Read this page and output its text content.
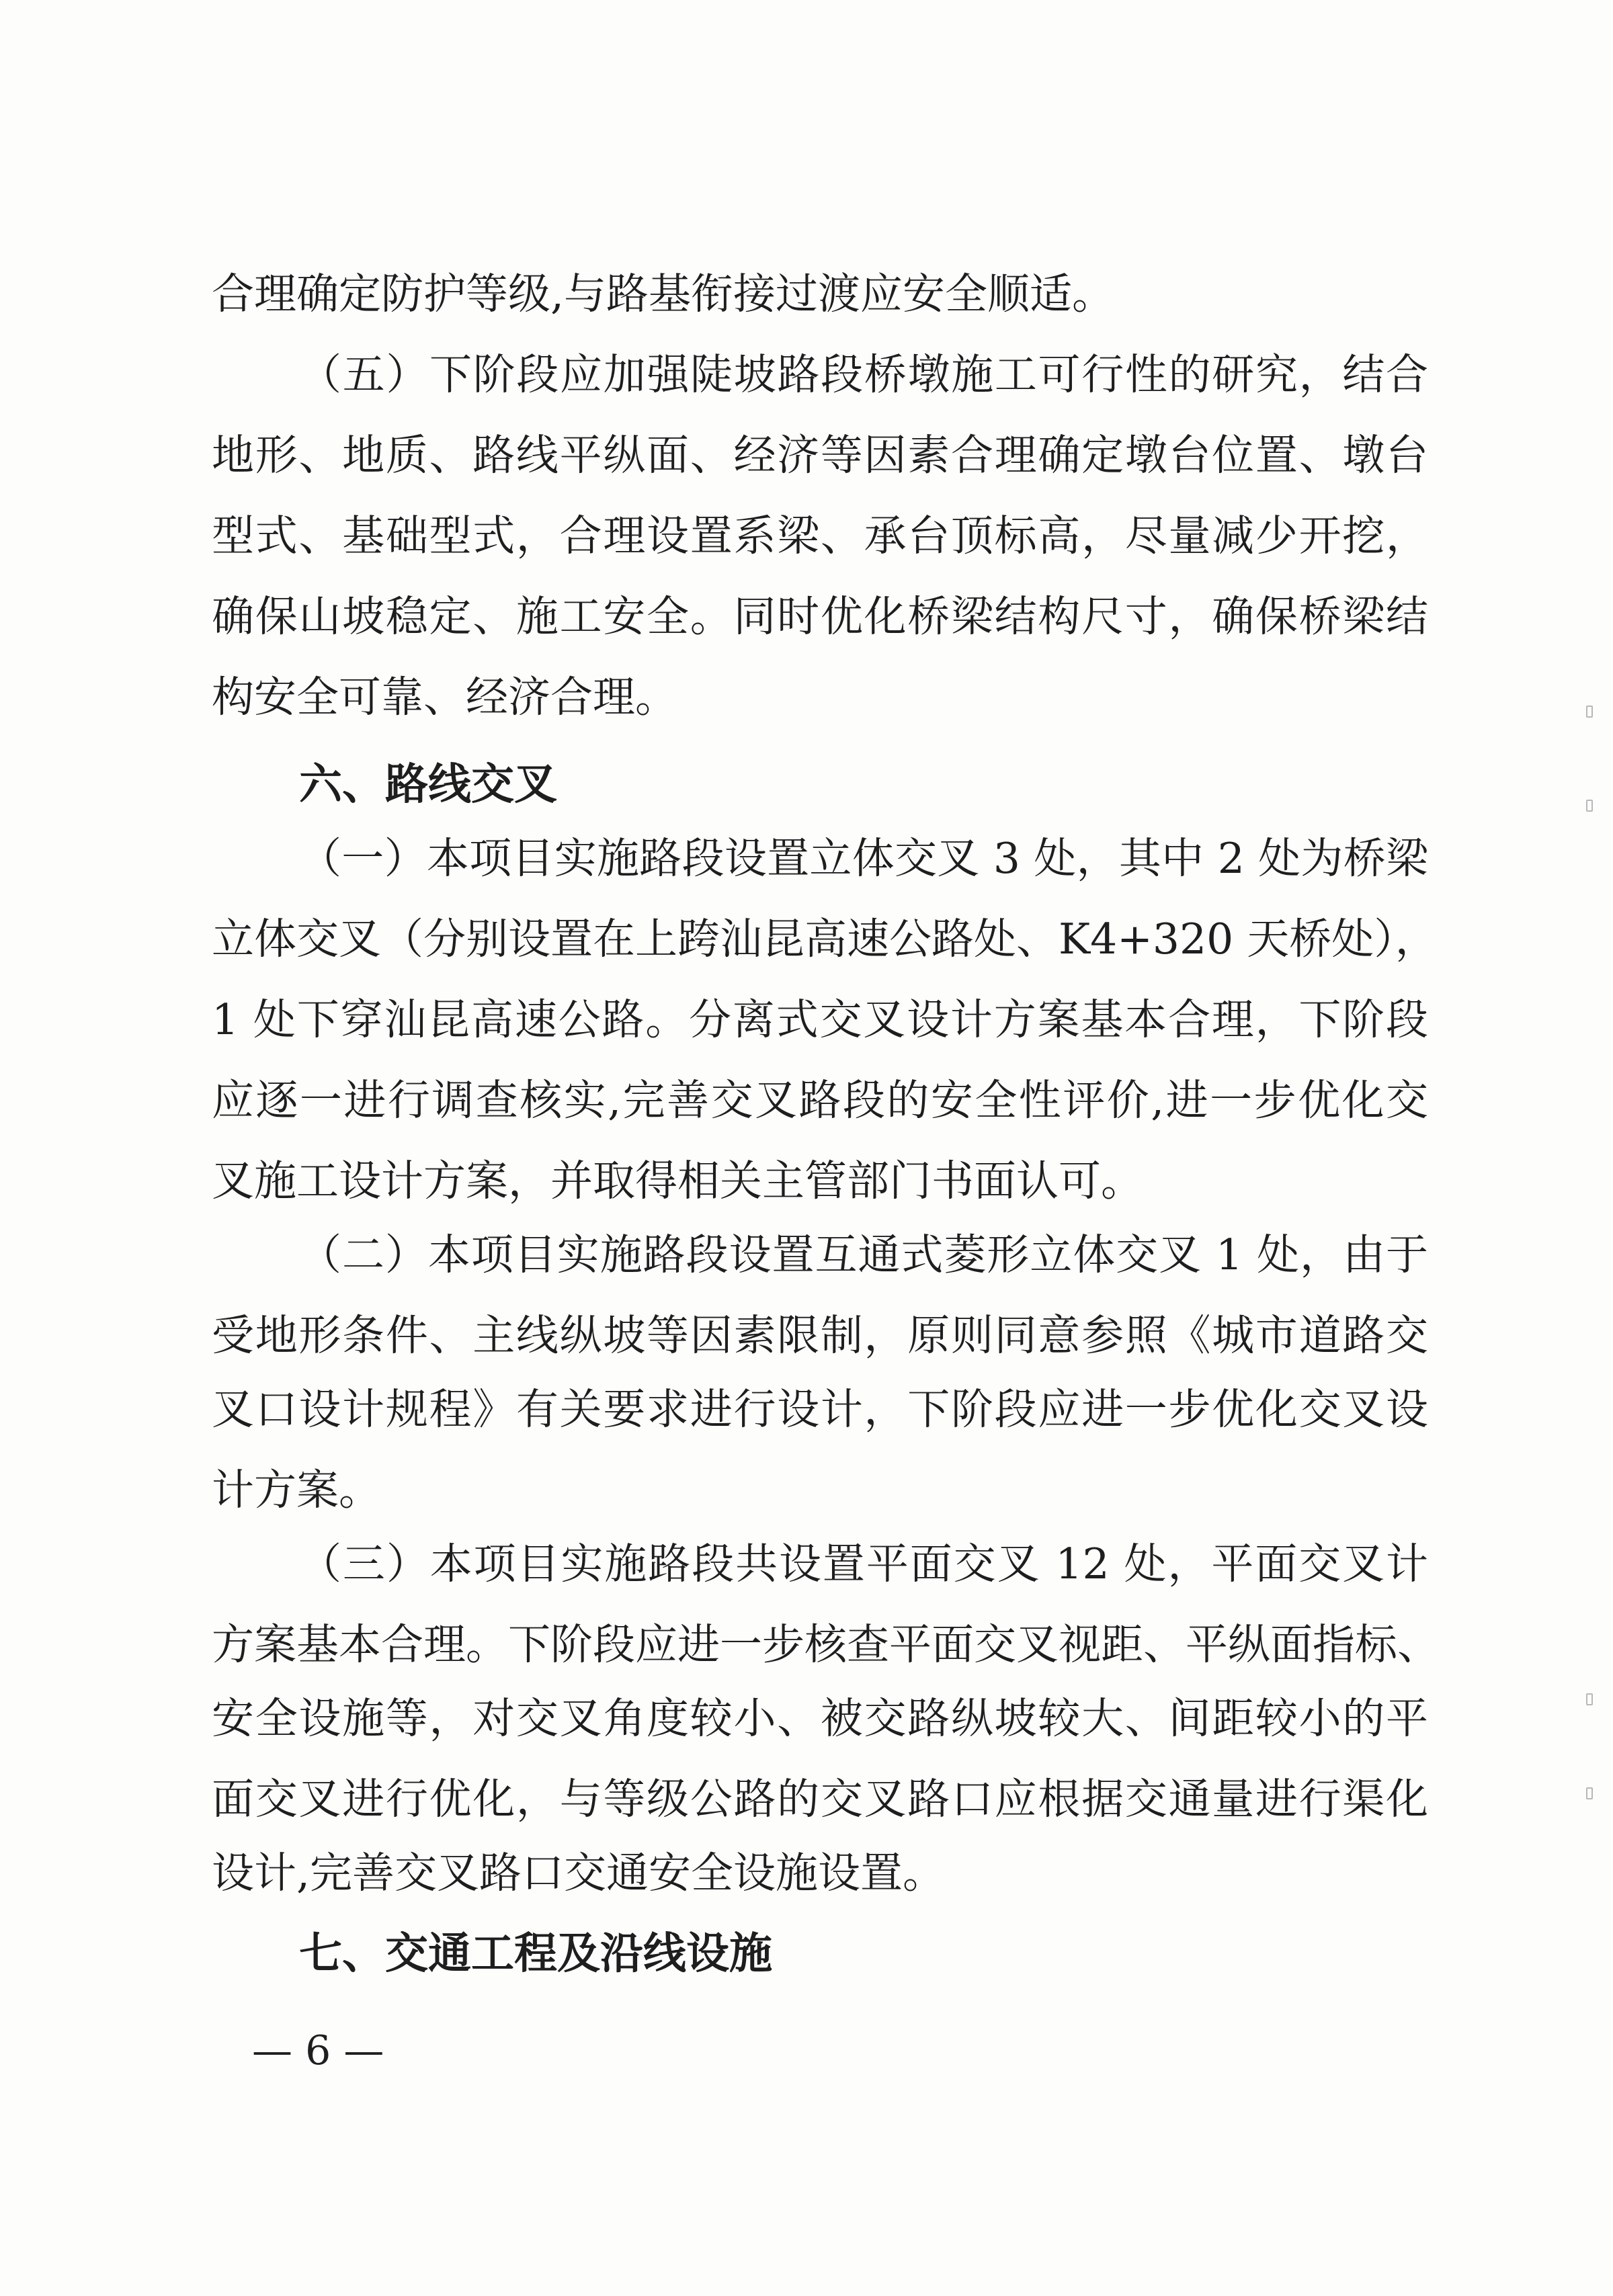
合理确定防护等级,与路基衔接过渡应安全顺适。
（五）下阶段应加强陡坡路段桥墩施工可行性的研究，结合
地形、地质、路线平纵面、经济等因素合理确定墩台位置、墩台
型式、基础型式，合理设置系梁、承台顶标高，尽量减少开挖，
确保山坡稳定、施工安全。同时优化桥梁结构尺寸，确保桥梁结
构安全可靠、经济合理。
六、路线交叉
（一）本项目实施路段设置立体交叉 3 处，其中 2 处为桥梁
立体交叉（分别设置在上跨汕昆高速公路处、K4+320 天桥处），
1 处下穿汕昆高速公路。分离式交叉设计方案基本合理，下阶段
应逐一进行调查核实,完善交叉路段的安全性评价,进一步优化交
叉施工设计方案，并取得相关主管部门书面认可。
（二）本项目实施路段设置互通式菱形立体交叉 1 处，由于
受地形条件、主线纵坡等因素限制，原则同意参照《城市道路交
叉口设计规程》有关要求进行设计，下阶段应进一步优化交叉设
计方案。
（三）本项目实施路段共设置平面交叉 12 处，平面交叉计
方案基本合理。下阶段应进一步核查平面交叉视距、平纵面指标、
安全设施等，对交叉角度较小、被交路纵坡较大、间距较小的平
面交叉进行优化，与等级公路的交叉路口应根据交通量进行渠化
设计,完善交叉路口交通安全设施设置。
七、交通工程及沿线设施
— 6 —
